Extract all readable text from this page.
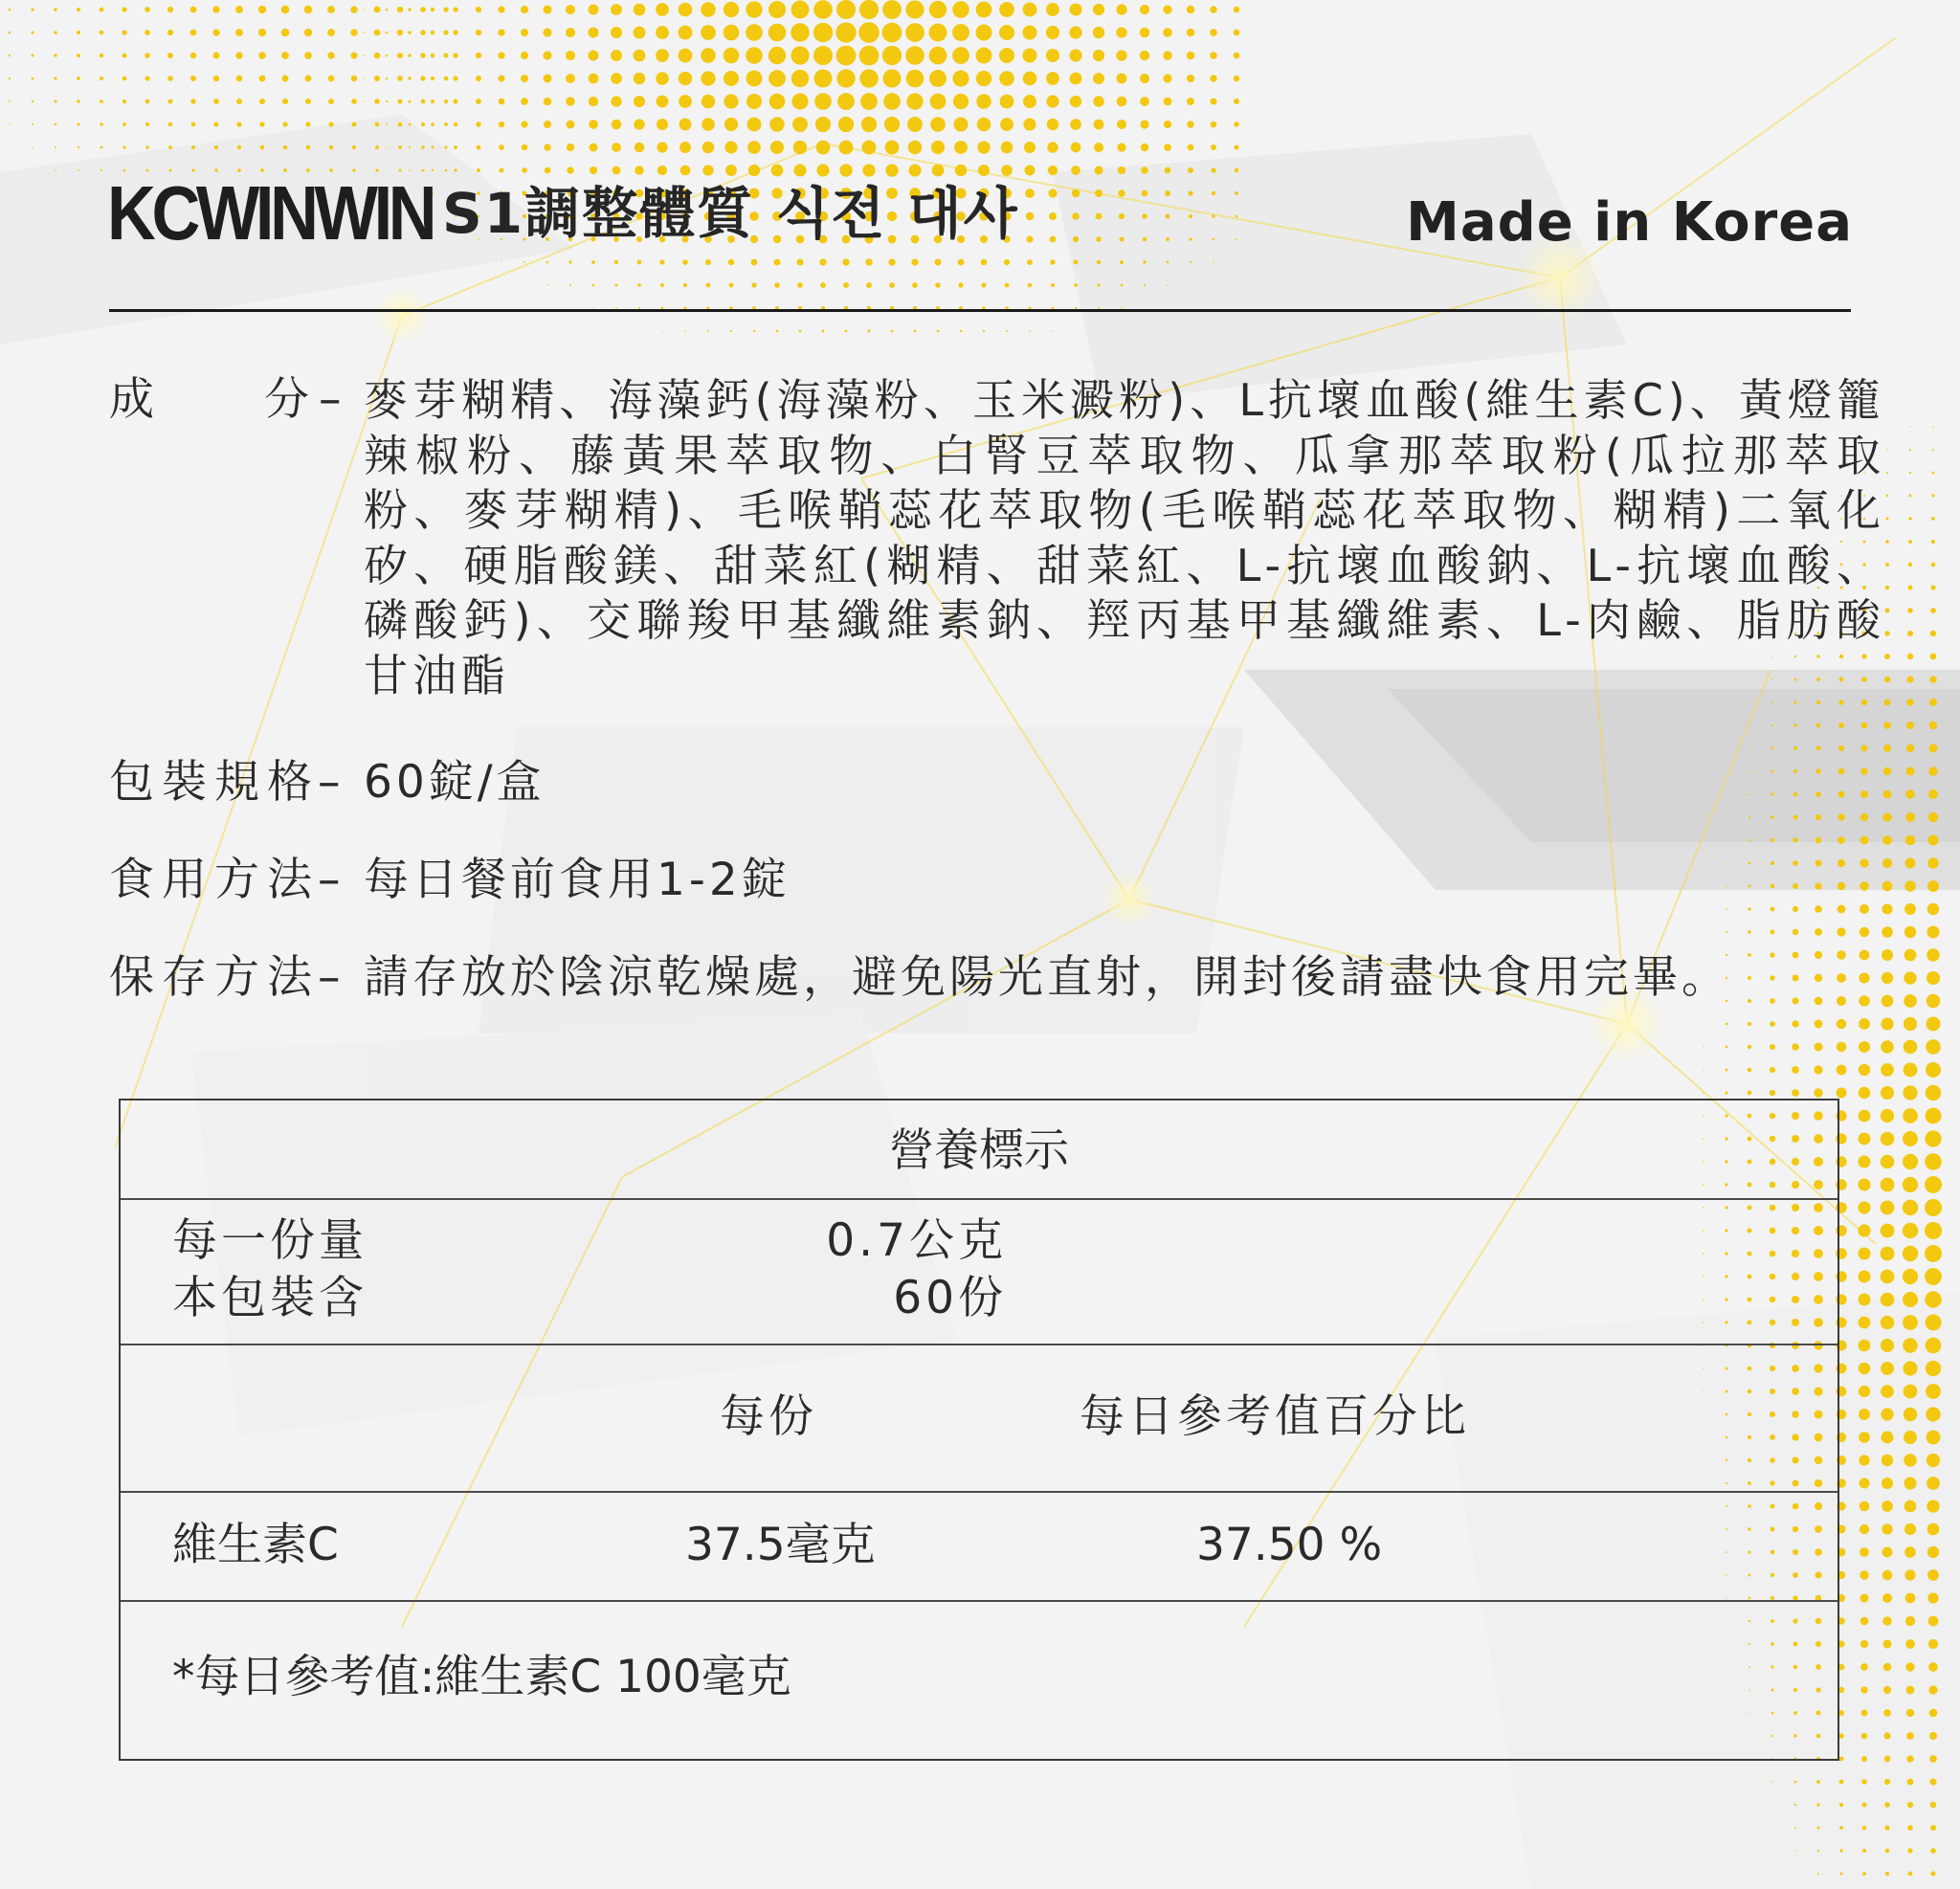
KCWINWIN S1調整體質 식전 대사	Made in Korea
成 分 – 麥芽糊精、海藻鈣(海藻粉、玉米澱粉)、L抗壞血酸(維生素C)、黃燈籠辣椒粉、藤黃果萃取物、白腎豆萃取物、瓜拿那萃取粉(瓜拉那萃取粉、麥芽糊精)、毛喉鞘蕊花萃取物(毛喉鞘蕊花萃取物、糊精)二氧化矽、硬脂酸鎂、甜菜紅(糊精、甜菜紅、L-抗壞血酸鈉、L-抗壞血酸、磷酸鈣)、交聯羧甲基纖維素鈉、羥丙基甲基纖維素、L-肉鹼、脂肪酸甘油酯
包裝規格
– 60錠/盒
食用方法
– 每日餐前食用1-2錠
保存方法
– 請存放於陰涼乾燥處，避免陽光直射，開封後請盡快食用完畢。
營養標示
每一份量	0.7公克
本包裝含	60份
每份	每日參考值百分比
維生素C	37.5毫克	37.50 %
*每日參考值:維生素C 100毫克
